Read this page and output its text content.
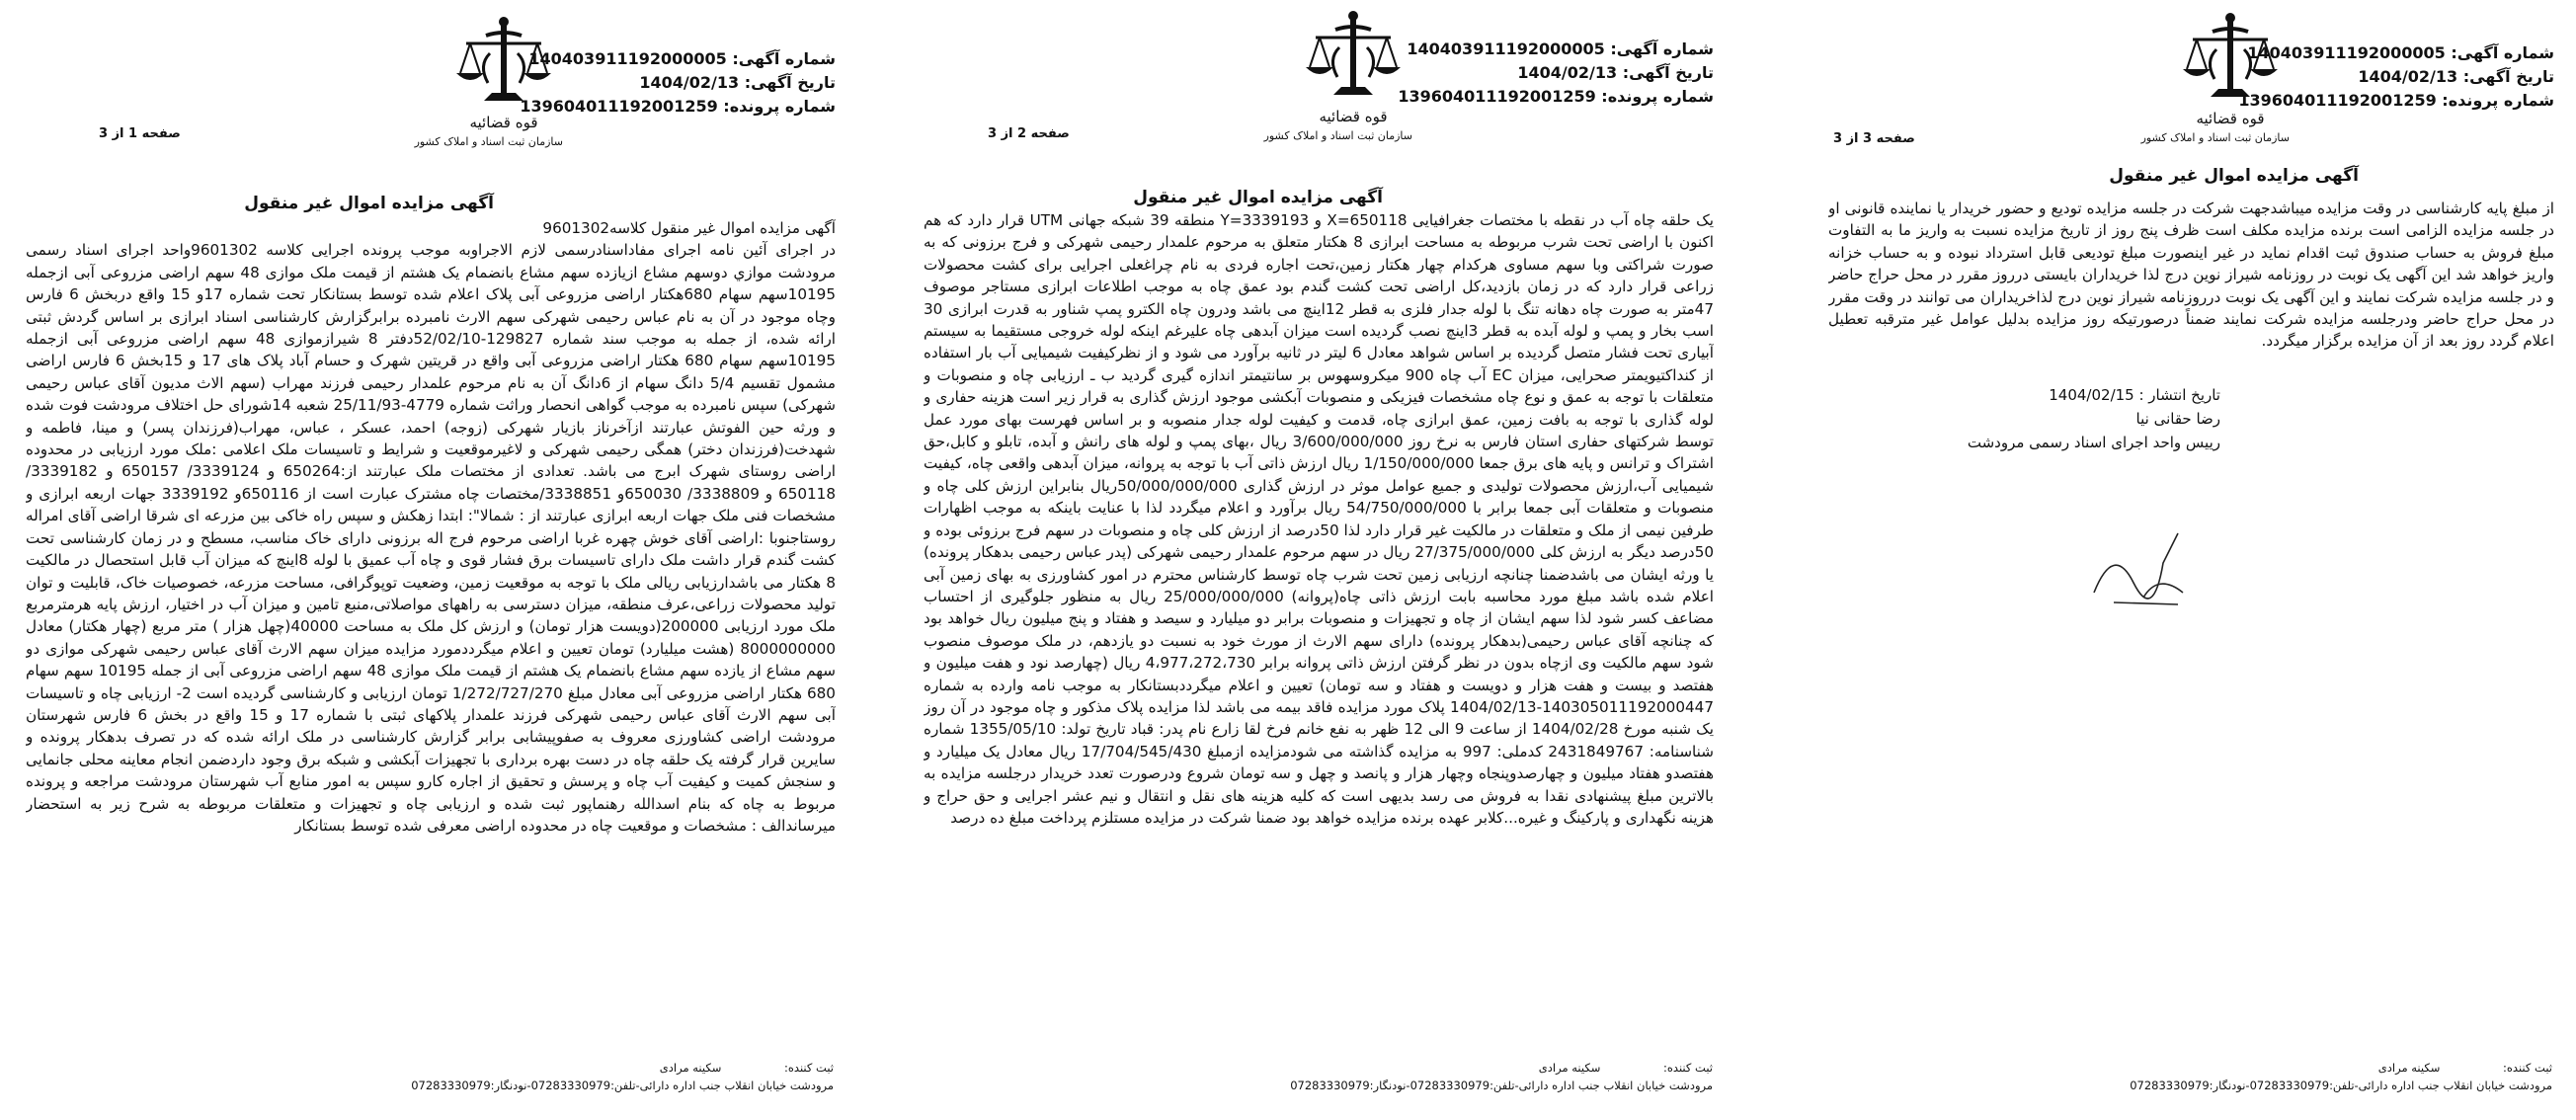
قوه قضائیه
سازمان ثبت اسناد و املاک کشور
شماره آگهی: 140403911192000005
تاریخ آگهی: 1404/02/13
شماره پرونده: 139604011192001259
صفحه 3 از 3
آگهی مزایده اموال غیر منقول

از مبلغ پایه کارشناسی در وقت مزایده میباشدجهت شرکت در جلسه مزایده تودیع و حضور خریدار یا نماینده قانونی او در جلسه مزایده الزامی است برنده مزایده مکلف است ظرف پنج روز از تاریخ مزایده نسبت به واریز ما به التفاوت مبلغ فروش به حساب صندوق ثبت اقدام نماید در غیر اینصورت مبلغ تودیعی قابل استرداد نبوده و به حساب خزانه واریز خواهد شد این آگهی یک نوبت در روزنامه شیراز نوین درج لذا خریداران بایستی درروز مقرر در محل حراج حاضر و در جلسه مزایده شرکت نمایند و این آگهی یک نوبت درروزنامه شیراز نوین درج لذاخریداران می توانند در وقت مقرر در محل حراج حاضر ودرجلسه مزایده شرکت نمایند ضمناً درصورتیکه روز مزایده بدلیل عوامل غیر مترقبه تعطیل اعلام گردد روز بعد از آن مزایده برگزار میگردد.

تاریخ انتشار : 1404/02/15
رضا حقانی نیا
رییس واحد اجرای اسناد رسمی مرودشت
ثبت کننده: سکینه مرادی
مرودشت خیابان انقلاب جنب اداره دارائی-تلفن:07283330979-نودنگار:07283330979
قوه قضائیه
سازمان ثبت اسناد و املاک کشور
شماره آگهی: 140403911192000005
تاریخ آگهی: 1404/02/13
شماره پرونده: 139604011192001259
صفحه 2 از 3
آگهی مزایده اموال غیر منقول

یک حلقه چاه آب در نقطه با مختصات جغرافیایی X=650118 و Y=3339193 منطقه 39 شبکه جهانی UTM قرار دارد که هم اکنون با اراضی تحت شرب مربوطه به مساحت ابرازی 8 هکتار متعلق به مرحوم علمدار رحیمی شهرکی و فرج برزونی که به صورت شراکتی وبا سهم مساوی هرکدام چهار هکتار زمین،تحت اجاره فردی به نام چراغعلی اجرایی برای کشت محصولات زراعی قرار دارد که در زمان بازدید،کل اراضی تحت کشت گندم بود عمق چاه به موجب اطلاعات ابرازی مستاجر موصوف 47متر به صورت چاه دهانه تنگ با لوله جدار فلزی به قطر 12اینچ می باشد ودرون چاه الکترو پمپ شناور به قدرت ابرازی 30 اسب بخار و پمپ و لوله آبده به قطر 3اینچ نصب گردیده است میزان آبدهی چاه علیرغم اینکه لوله خروجی مستقیما به سیستم آبیاری تحت فشار متصل گردیده بر اساس شواهد معادل 6 لیتر در ثانیه برآورد می شود و از نظرکیفیت شیمیایی آب بار استفاده از کنداکتیویمتر صحرایی، میزان EC آب چاه 900 میکروسهوس بر سانتیمتر اندازه گیری گردید ب ـ ارزیابی چاه و منصوبات و متعلقات با توجه به عمق و نوع چاه مشخصات فیزیکی و منصوبات آبکشی موجود ارزش گذاری به قرار زیر است هزینه حفاری و لوله گذاری با توجه به بافت زمین، عمق ابرازی چاه، قدمت و کیفیت لوله جدار منصوبه و بر اساس فهرست بهای مورد عمل توسط شرکتهای حفاری استان فارس به نرخ روز 3/600/000/000 ریال ،بهای پمپ و لوله های رانش و آبده، تابلو و کابل،حق اشتراک و ترانس و پایه های برق جمعا 1/150/000/000 ریال ارزش ذاتی آب با توجه به پروانه، میزان آبدهی واقعی چاه، کیفیت شیمیایی آب،ارزش محصولات تولیدی و جمیع عوامل موثر در ارزش گذاری 50/000/000/000ریال بنابراین ارزش کلی چاه و منصوبات و متعلقات آبی جمعا برابر با 54/750/000/000 ریال برآورد و اعلام میگردد لذا با عنایت باینکه به موجب اظهارات طرفین نیمی از ملک و متعلقات در مالکیت غیر قرار دارد لذا 50درصد از ارزش کلی چاه و منصوبات در سهم فرج برزوئی بوده و 50درصد دیگر به ارزش کلی 27/375/000/000 ریال در سهم مرحوم علمدار رحیمی شهرکی (پدر عباس رحیمی بدهکار پرونده) یا ورثه ایشان می باشدضمنا چنانچه ارزیابی زمین تحت شرب چاه توسط کارشناس محترم در امور کشاورزی به بهای زمین آبی اعلام شده باشد مبلغ مورد محاسبه بابت ارزش ذاتی چاه(پروانه) 25/000/000/000 ریال به منظور جلوگیری از احتساب مضاعف کسر شود لذا سهم ایشان از چاه و تجهیزات و منصوبات برابر دو میلیارد و سیصد و هفتاد و پنج میلیون ریال خواهد بود که چنانچه آقای عباس رحیمی(بدهکار پرونده) دارای سهم الارث از مورث خود به نسبت دو یازدهم، در ملک موصوف منصوب شود سهم مالکیت وی ازچاه بدون در نظر گرفتن ارزش ذاتی پروانه برابر 4،977،272،730 ریال (چهارصد نود و هفت میلیون و هفتصد و بیست و هفت هزار و دویست و هفتاد و سه تومان) تعیین و اعلام میگرددبستانکار به موجب نامه وارده به شماره 140305011192000447-1404/02/13 پلاک مورد مزایده فاقد بیمه می باشد لذا مزایده پلاک مذکور و چاه موجود در آن روز یک شنبه مورخ 1404/02/28 از ساعت 9 الی 12 ظهر به نفع خانم فرخ لقا زارع نام پدر: قباد تاریخ تولد: 1355/05/10 شماره شناسنامه: 2431849767 کدملی: 997 به مزایده گذاشته می شودمزایده ازمبلغ 17/704/545/430 ریال معادل یک میلیارد و هفتصدو هفتاد میلیون و چهارصدوپنجاه وچهار هزار و پانصد و چهل و سه تومان شروع ودرصورت تعدد خریدار درجلسه مزایده به بالاترین مبلغ پیشنهادی نقدا به فروش می رسد بدیهی است که کلیه هزینه های نقل و انتقال و نیم عشر اجرایی و حق حراج و هزینه نگهداری و پارکینگ و غیره...کلابر عهده برنده مزایده خواهد بود ضمنا شرکت در مزایده مستلزم پرداخت مبلغ ده درصد

ثبت کننده: سکینه مرادی
مرودشت خیابان انقلاب جنب اداره دارائی-تلفن:07283330979-نودنگار:07283330979
قوه قضائیه
سازمان ثبت اسناد و املاک کشور
شماره آگهی: 140403911192000005
تاریخ آگهی: 1404/02/13
شماره پرونده: 139604011192001259
صفحه 1 از 3
آگهی مزایده اموال غیر منقول

آگهی مزایده اموال غیر منقول کلاسه9601302

در اجرای آئین نامه اجرای مفاداسنادرسمی لازم الاجراوبه موجب پرونده اجرایی کلاسه 9601302واحد اجرای اسناد رسمی مرودشت موازي دوسهم مشاع ازيازده سهم مشاع بانضمام یک هشتم از قیمت ملک موازی 48 سهم اراضی مزروعی آبی ازجمله 10195سهم سهام 680هکتار اراضی مزروعی آبی پلاک اعلام شده توسط بستانکار تحت شماره 17و 15 واقع دربخش 6 فارس وچاه موجود در آن به نام عباس رحیمی شهرکی سهم الارث نامبرده برابرگزارش کارشناسی اسناد ابرازی بر اساس گردش ثبتی ارائه شده، از جمله به موجب سند شماره 129827-52/02/10دفتر 8 شیرازموازی 48 سهم اراضی مزروعی آبی ازجمله 10195سهم سهام 680 هکتار اراضی مزروعی آبی واقع در قریتین شهرک و حسام آباد پلاک های 17 و 15بخش 6 فارس اراضی مشمول تقسیم 5/4 دانگ سهام از 6دانگ آن به نام مرحوم علمدار رحیمی فرزند مهراب (سهم الاث مدیون آقای عباس رحیمی شهرکی) سپس نامبرده به موجب گواهی انحصار وراثت شماره 4779-25/11/93 شعبه 14شورای حل اختلاف مرودشت فوت شده و ورثه حین الفوتش عبارتند ازآخرناز بازیار شهرکی (زوجه) احمد، عسکر ، عباس، مهراب(فرزندان پسر) و مینا، فاطمه و شهدخت(فرزندان دختر) همگی رحیمی شهرکی و لاغیرموقعیت و شرایط و تاسیسات ملک اعلامی :ملک مورد ارزیابی در محدوده اراضی روستای شهرک ابرج می باشد. تعدادی از مختصات ملک عبارتند از:650264 و 3339124/ 650157 و 3339182/ 650118 و 3338809/ 650030و 3338851/مختصات چاه مشترک عبارت است از 650116و 3339192 جهات اربعه ابرازی و مشخصات فنی ملک جهات اربعه ابرازی عبارتند از : شمالا": ابتدا زهکش و سپس راه خاکی بین مزرعه ای شرقا اراضی آقای امراله روستاجنوبا :اراضی آقای خوش چهره غربا اراضی مرحوم فرج اله برزونی دارای خاک مناسب، مسطح و در زمان کارشناسی تحت کشت گندم قرار داشت ملک دارای تاسیسات برق فشار قوی و چاه آب عمیق با لوله 8اینچ که میزان آب قابل استحصال در مالکیت 8 هکتار می باشدارزیابی ریالی ملک با توجه به موقعیت زمین، وضعیت توپوگرافی، مساحت مزرعه، خصوصیات خاک، قابلیت و توان تولید محصولات زراعی،عرف منطقه، میزان دسترسی به راههای مواصلاتی،منبع تامین و میزان آب در اختیار، ارزش پایه هرمترمربع ملک مورد ارزیابی 200000(دویست هزار تومان) و ارزش کل ملک به مساحت 40000(چهل هزار ) متر مربع (چهار هکتار) معادل 8000000000 (هشت میلیارد) تومان تعیین و اعلام میگرددمورد مزایده میزان سهم الارث آقای عباس رحیمی شهرکی موازی دو سهم مشاع از یازده سهم مشاع بانضمام یک هشتم از قیمت ملک موازی 48 سهم اراضی مزروعی آبی از جمله 10195 سهم سهام 680 هکتار اراضی مزروعی آبی معادل مبلغ 1/272/727/270 تومان ارزیابی و کارشناسی گردیده است 2- ارزیابی چاه و تاسیسات آبی سهم الارث آقای عباس رحیمی شهرکی فرزند علمدار پلاکهای ثبتی با شماره 17 و 15 واقع در بخش 6 فارس شهرستان مرودشت اراضی کشاورزی معروف به صفوپیشابی برابر گزارش کارشناسی در ملک ارائه شده که در تصرف بدهکار پرونده و سایرین قرار گرفته یک حلقه چاه در دست بهره برداری با تجهیزات آبکشی و شبکه برق وجود داردضمن انجام معاینه محلی جانمایی و سنجش کمیت و کیفیت آب چاه و پرسش و تحقیق از اجاره کارو سپس به امور منابع آب شهرستان مرودشت مراجعه و پرونده مربوط به چاه که بنام اسدالله رهنماپور ثبت شده و ارزیابی چاه و تجهیزات و متعلقات مربوطه به شرح زیر به استحضار میرساندالف : مشخصات و موقعیت چاه در محدوده اراضی معرفی شده توسط بستانکار

ثبت کننده: سکینه مرادی
مرودشت خیابان انقلاب جنب اداره دارائی-تلفن:07283330979-نودنگار:07283330979
